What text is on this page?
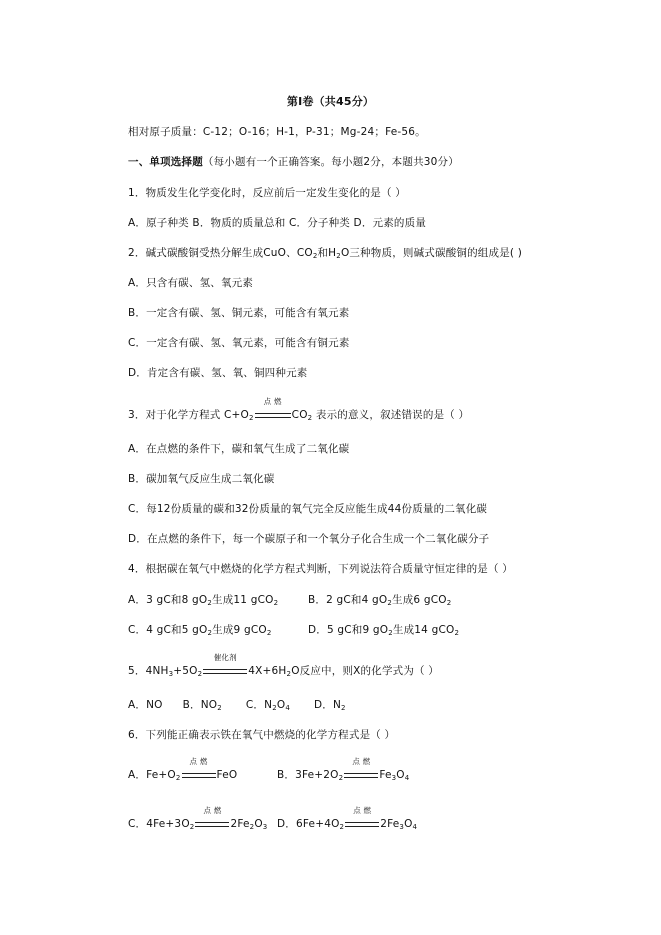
第Ⅰ卷（共45分）
相对原子质量：C-12；O-16；H-1，P-31；Mg-24；Fe-56。
一、单项选择题（每小题有一个正确答案。每小题2分，本题共30分）
1．物质发生化学变化时，反应前后一定发生变化的是（ ）
A．原子种类 B．物质的质量总和 C．分子种类 D．元素的质量
2．碱式碳酸铜受热分解生成CuO、$CO_2$和$H_2O$三种物质，则碱式碳酸铜的组成是( )
A．只含有碳、氢、氧元素
B．一定含有碳、氢、铜元素，可能含有氧元素
C．一定含有碳、氢、氧元素，可能含有铜元素
D．肯定含有碳、氢、氧、铜四种元素
3．对于化学方程式 $C+O_2$
点 燃
$CO_2$ 表示的意义，叙述错误的是（ ）
A．在点燃的条件下，碳和氧气生成了二氧化碳
B．碳加氧气反应生成二氧化碳
C．每12份质量的碳和32份质量的氧气完全反应能生成44份质量的二氧化碳
D．在点燃的条件下，每一个碳原子和一个氧分子化合生成一个二氧化碳分子
4．根据碳在氧气中燃烧的化学方程式判断，下列说法符合质量守恒定律的是（ ）
A．3 gC和8 $gO_2$生成11 gCO$_2$	B．2 gC和4 $gO_2$生成6 gCO$_2$
C．4 gC和5 $gO_2$生成9 gCO$_2$	D．5 gC和9 $gO_2$生成14 gCO$_2$
5．$4NH_3+5O_2$
催化剂
$4X+6H_2O$反应中，则X的化学式为（ ）
A．NO B．$NO_2$ C．$N_2O_4$ D．$N_2$
6．下列能正确表示铁在氧气中燃烧的化学方程式是（ ）
A．$Fe+O_2$
点 燃
FeO	B．$3Fe+2O_2$
点 燃
$Fe_3O_4$
C．$4Fe+3O_2$
点 燃
$2Fe_2O_3$ D．$6Fe+4O_2$
点 燃
$2Fe_3O_4$
